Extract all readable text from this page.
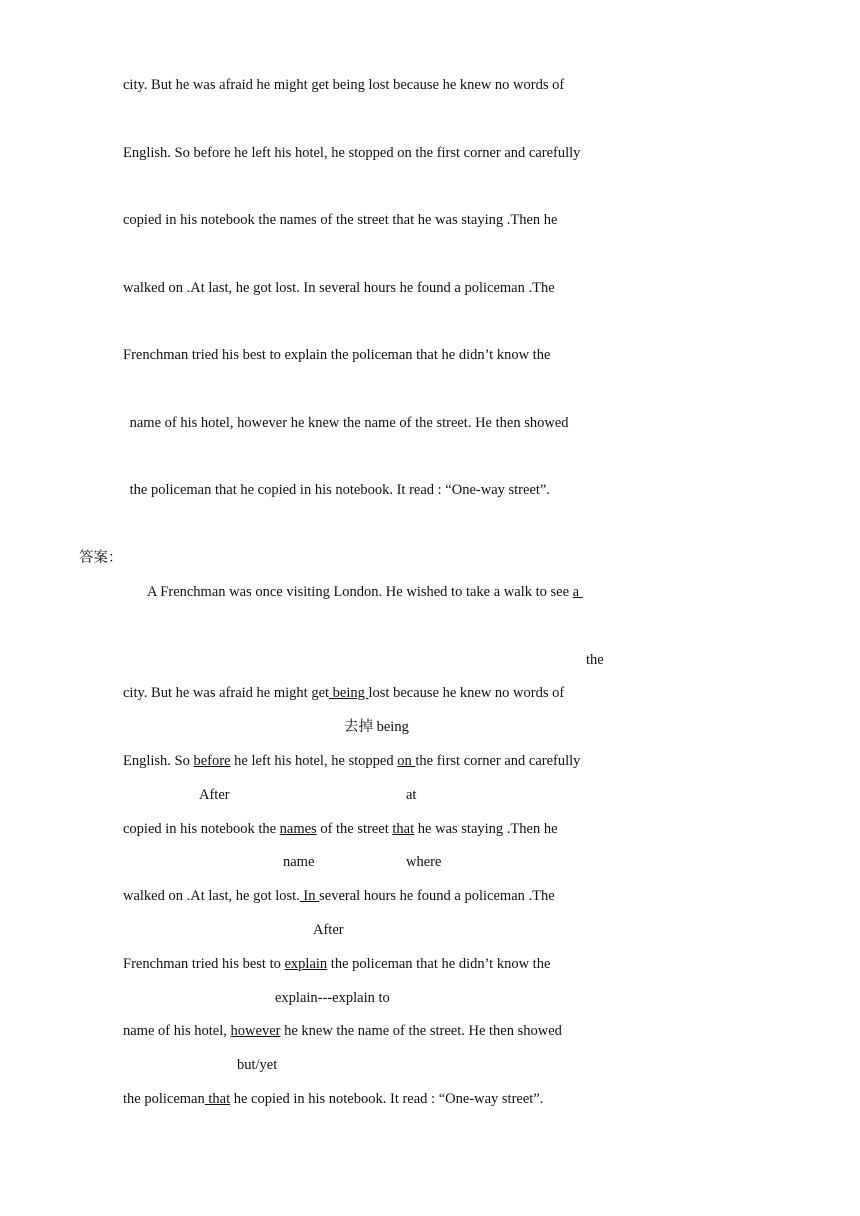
city. But he was afraid he might get being lost because he knew no words of
English. So before he left his hotel, he stopped on the first corner and carefully
copied in his notebook the names of the street that he was staying .Then he
walked on .At last, he got lost. In several hours he found a policeman .The
Frenchman tried his best to explain the policeman that he didn’t know the
name of his hotel, however he knew the name of the street. He then showed
the policeman that he copied in his notebook. It read : “One-way street”.
答案：
A Frenchman was once visiting London. He wished to take a walk to see a
the
city. But he was afraid he might get being lost because he knew no words of
去掉 being
English. So before he left his hotel, he stopped on the first corner and carefully
After	at
copied in his notebook the names of the street that he was staying .Then he
name	where
walked on .At last, he got lost. In several hours he found a policeman .The
After
Frenchman tried his best to explain the policeman that he didn’t know the
explain---explain to
name of his hotel, however he knew the name of the street. He then showed
but/yet
the policeman that he copied in his notebook. It read : “One-way street”.
